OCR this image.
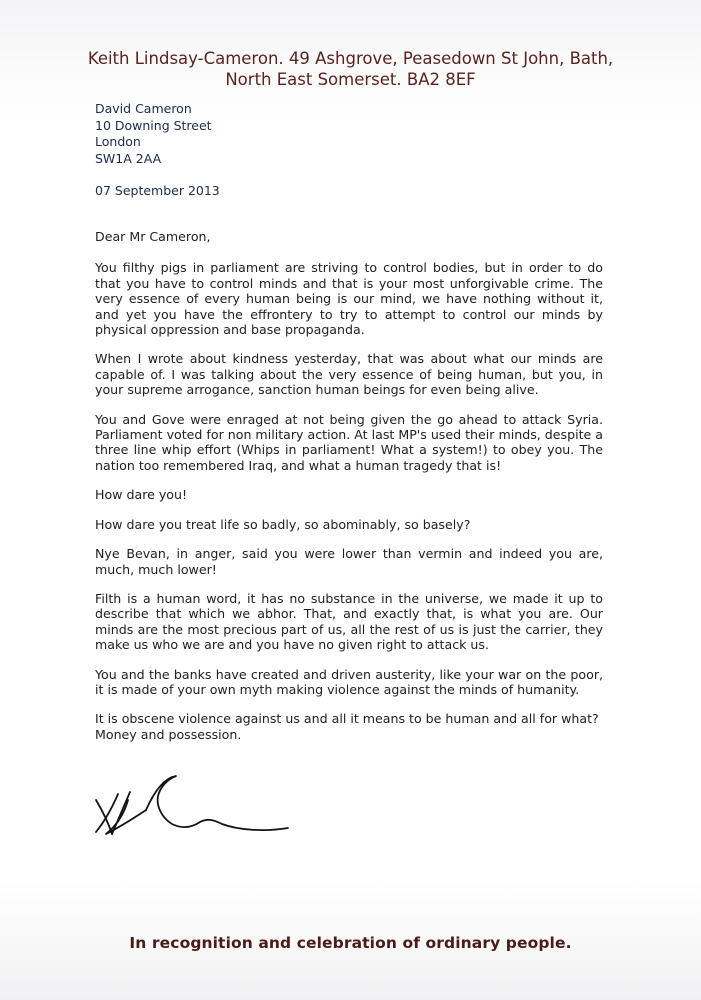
Keith Lindsay-Cameron. 49 Ashgrove, Peasedown St John, Bath,
North East Somerset. BA2 8EF
David Cameron
10 Downing Street
London
SW1A 2AA
07 September 2013

Dear Mr Cameron,

You filthy pigs in parliament are striving to control bodies, but in order to do that you have to control minds and that is your most unforgivable crime. The very essence of every human being is our mind, we have nothing without it, and yet you have the effrontery to try to attempt to control our minds by physical oppression and base propaganda.

When I wrote about kindness yesterday, that was about what our minds are capable of. I was talking about the very essence of being human, but you, in your supreme arrogance, sanction human beings for even being alive.

You and Gove were enraged at not being given the go ahead to attack Syria. Parliament voted for non military action. At last MP's used their minds, despite a three line whip effort (Whips in parliament! What a system!) to obey you. The nation too remembered Iraq, and what a human tragedy that is!

How dare you!

How dare you treat life so badly, so abominably, so basely?

Nye Bevan, in anger, said you were lower than vermin and indeed you are, much, much lower!

Filth is a human word, it has no substance in the universe, we made it up to describe that which we abhor. That, and exactly that, is what you are. Our minds are the most precious part of us, all the rest of us is just the carrier, they make us who we are and you have no given right to attack us.

You and the banks have created and driven austerity, like your war on the poor, it is made of your own myth making violence against the minds of humanity.

It is obscene violence against us and all it means to be human and all for what? Money and possession.

In recognition and celebration of ordinary people.
